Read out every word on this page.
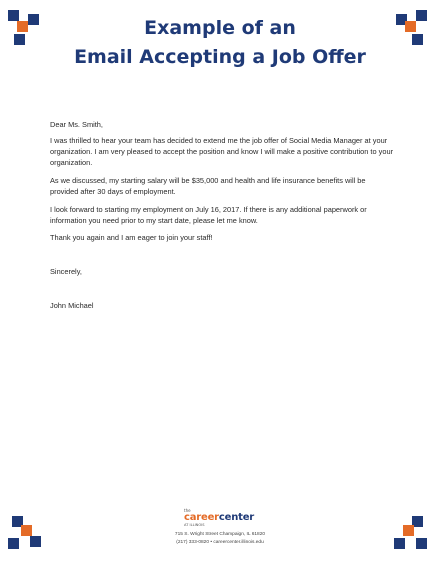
Example of an
Email Accepting a Job Offer
Dear Ms. Smith,
I was thrilled to hear your team has decided to extend me the job offer of Social Media Manager at your organization. I am very pleased to accept the position and know I will make a positive contribution to your organization.
As we discussed, my starting salary will be $35,000 and health and life insurance benefits will be provided after 30 days of employment.
I look forward to starting my employment on July 16, 2017. If there is any additional paperwork or information you need prior to my start date, please let me know.
Thank you again and I am eager to join your staff!
Sincerely,
John Michael
the
careercenter
AT ILLINOIS
715 S. Wright Street Champaign, IL 61820
(217) 333-0820 • careercenter.illinois.edu
